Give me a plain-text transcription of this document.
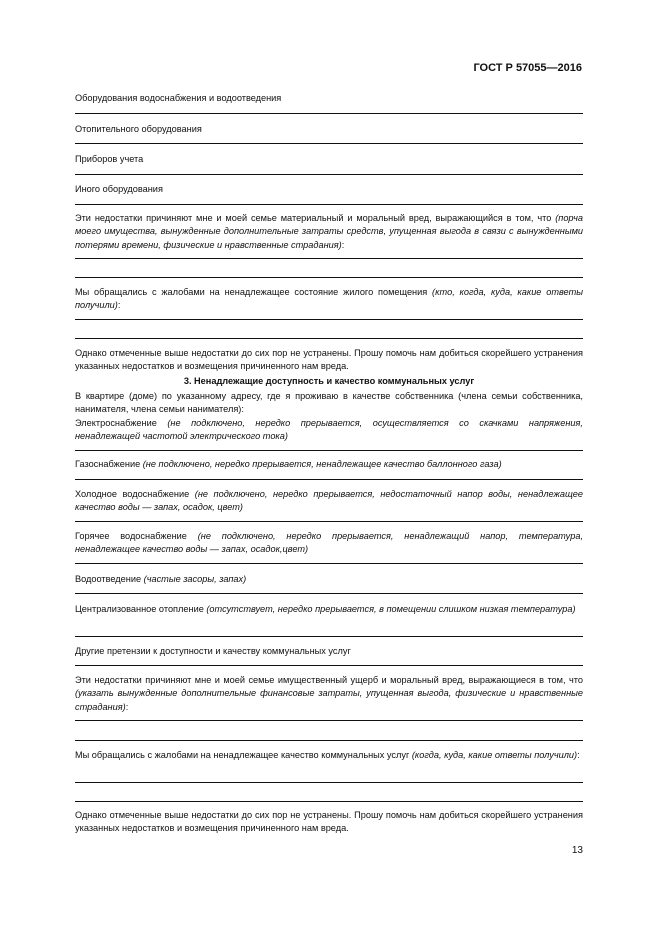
ГОСТ Р 57055—2016
Оборудования водоснабжения и водоотведения
Отопительного оборудования
Приборов учета
Иного оборудования
Эти недостатки причиняют мне и моей семье материальный и моральный вред, выражающийся в том, что (порча моего имущества, вынужденные дополнительные затраты средств, упущенная выгода в связи с вынужденными потерями времени, физические и нравственные страдания):
Мы обращались с жалобами на ненадлежащее состояние жилого помещения (кто, когда, куда, какие ответы получили):
Однако отмеченные выше недостатки до сих пор не устранены. Прошу помочь нам добиться скорейшего устранения указанных недостатков и возмещения причиненного нам вреда.
3. Ненадлежащие доступность и качество коммунальных услуг
В квартире (доме) по указанному адресу, где я проживаю в качестве собственника (члена семьи собственника, нанимателя, члена семьи нанимателя):
Электроснабжение (не подключено, нередко прерывается, осуществляется со скачками напряжения, ненадлежащей частотой электрического тока)
Газоснабжение (не подключено, нередко прерывается, ненадлежащее качество баллонного газа)
Холодное водоснабжение (не подключено, нередко прерывается, недостаточный напор воды, ненадлежащее качество воды — запах, осадок, цвет)
Горячее водоснабжение (не подключено, нередко прерывается, ненадлежащий напор, температура, ненадлежащее качество воды — запах, осадок,цвет)
Водоотведение (частые засоры, запах)
Централизованное отопление (отсутствует, нередко прерывается, в помещении слишком низкая температура)
Другие претензии к доступности и качеству коммунальных услуг
Эти недостатки причиняют мне и моей семье имущественный ущерб и моральный вред, выражающиеся в том, что (указать вынужденные дополнительные финансовые затраты, упущенная выгода, физические и нравственные страдания):
Мы обращались с жалобами на ненадлежащее качество коммунальных услуг (когда, куда, какие ответы получили):
Однако отмеченные выше недостатки до сих пор не устранены. Прошу помочь нам добиться скорейшего устранения указанных недостатков и возмещения причиненного нам вреда.
13
